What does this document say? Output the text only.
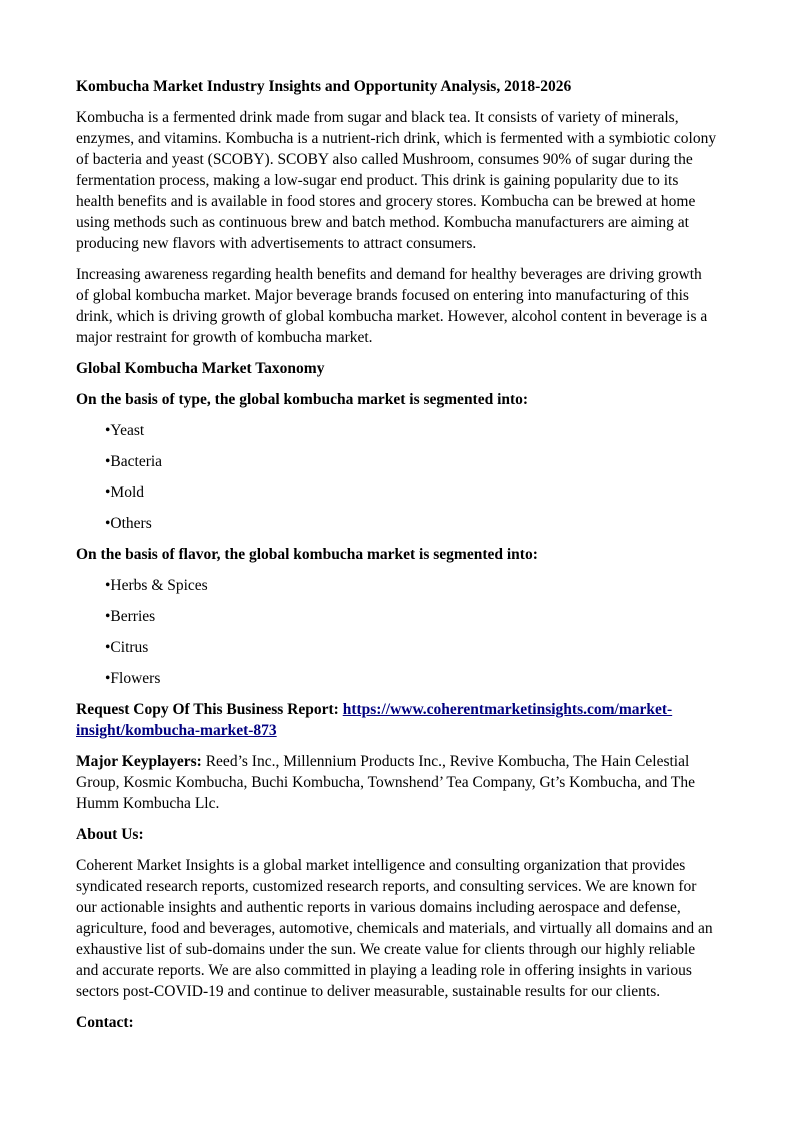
Kombucha Market Industry Insights and Opportunity Analysis, 2018-2026

Kombucha is a fermented drink made from sugar and black tea. It consists of variety of minerals, enzymes, and vitamins. Kombucha is a nutrient-rich drink, which is fermented with a symbiotic colony of bacteria and yeast (SCOBY). SCOBY also called Mushroom, consumes 90% of sugar during the fermentation process, making a low-sugar end product. This drink is gaining popularity due to its health benefits and is available in food stores and grocery stores. Kombucha can be brewed at home using methods such as continuous brew and batch method. Kombucha manufacturers are aiming at producing new flavors with advertisements to attract consumers.

Increasing awareness regarding health benefits and demand for healthy beverages are driving growth of global kombucha market. Major beverage brands focused on entering into manufacturing of this drink, which is driving growth of global kombucha market. However, alcohol content in beverage is a major restraint for growth of kombucha market.

Global Kombucha Market Taxonomy

On the basis of type, the global kombucha market is segmented into:

•Yeast
•Bacteria
•Mold
•Others

On the basis of flavor, the global kombucha market is segmented into:

•Herbs & Spices
•Berries
•Citrus
•Flowers

Request Copy Of This Business Report: https://www.coherentmarketinsights.com/market-insight/kombucha-market-873

Major Keyplayers: Reed’s Inc., Millennium Products Inc., Revive Kombucha, The Hain Celestial Group, Kosmic Kombucha, Buchi Kombucha, Townshend’ Tea Company, Gt’s Kombucha, and The Humm Kombucha Llc.

About Us:

Coherent Market Insights is a global market intelligence and consulting organization that provides syndicated research reports, customized research reports, and consulting services. We are known for our actionable insights and authentic reports in various domains including aerospace and defense, agriculture, food and beverages, automotive, chemicals and materials, and virtually all domains and an exhaustive list of sub-domains under the sun. We create value for clients through our highly reliable and accurate reports. We are also committed in playing a leading role in offering insights in various sectors post-COVID-19 and continue to deliver measurable, sustainable results for our clients.

Contact:
